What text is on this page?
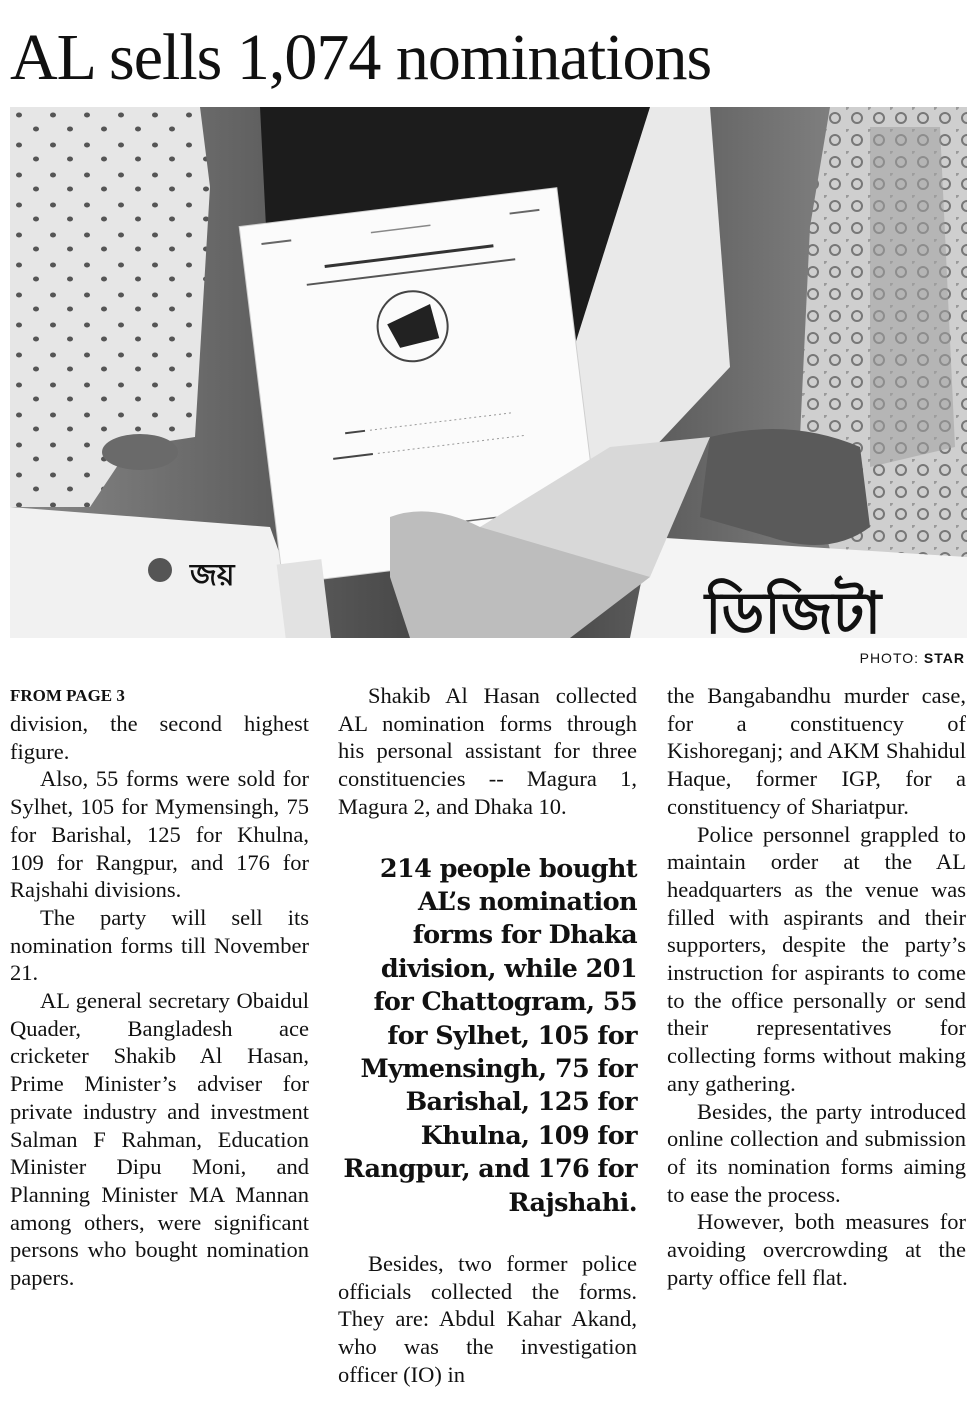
AL sells 1,074 nominations
জয়
ডিজিটা
PHOTO: STAR
FROM PAGE 3

division, the second highest figure.

Also, 55 forms were sold for Sylhet, 105 for Mymensingh, 75 for Barishal, 125 for Khulna, 109 for Rangpur, and 176 for Rajshahi divisions.

The party will sell its nomination forms till November 21.

AL general secretary Obaidul Quader, Bangladesh ace cricketer Shakib Al Hasan, Prime Minister’s adviser for private industry and investment Salman F Rahman, Education Minister Dipu Moni, and Planning Minister MA Mannan among others, were significant persons who bought nomination papers.

Shakib Al Hasan collected AL nomination forms through his personal assistant for three constituencies -- Magura 1, Magura 2, and Dhaka 10.

214 people bought AL’s nomination forms for Dhaka division, while 201 for Chattogram, 55 for Sylhet, 105 for Mymensingh, 75 for Barishal, 125 for Khulna, 109 for Rangpur, and 176 for Rajshahi.

Besides, two former police officials collected the forms. They are: Abdul Kahar Akand, who was the investigation officer (IO) in

the Bangabandhu murder case, for a constituency of Kishoreganj; and AKM Shahidul Haque, former IGP, for a constituency of Shariatpur.

Police personnel grappled to maintain order at the AL headquarters as the venue was filled with aspirants and their supporters, despite the party’s instruction for aspirants to come to the office personally or send their representatives for collecting forms without making any gathering.

Besides, the party introduced online collection and submission of its nomination forms aiming to ease the process.

However, both measures for avoiding overcrowding at the party office fell flat.
